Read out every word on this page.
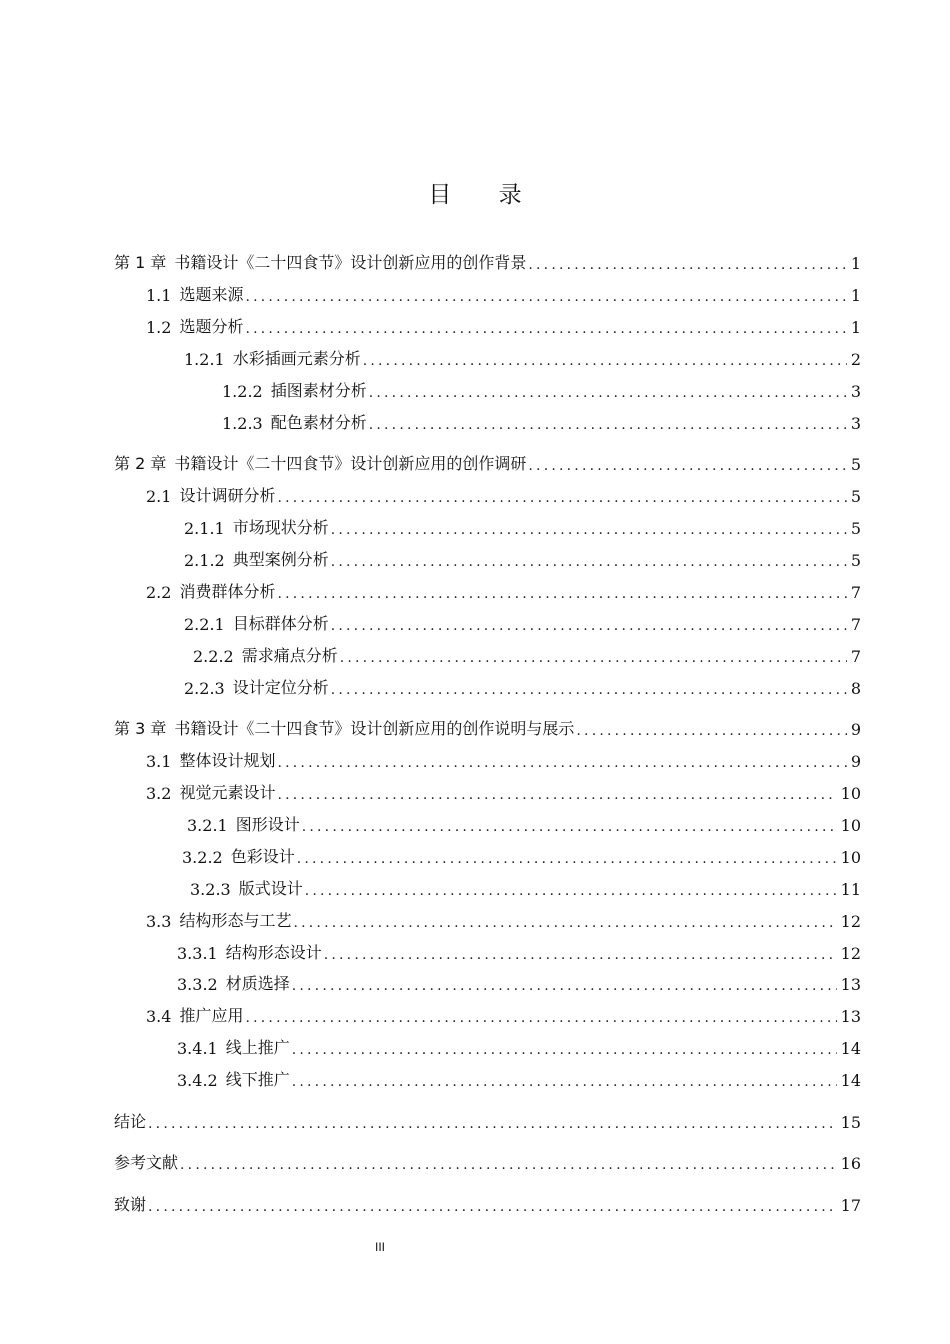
目 录
第 1 章 书籍设计《二十四食节》设计创新应用的创作背景 .....	1
1.1 选题来源 .....	1
1.2 选题分析 .....	1
1.2.1 水彩插画元素分析 .....	2
1.2.2 插图素材分析 .....	3
1.2.3 配色素材分析 .....	3
第 2 章 书籍设计《二十四食节》设计创新应用的创作调研 .....	5
2.1 设计调研分析 .....	5
2.1.1 市场现状分析 .....	5
2.1.2 典型案例分析 .....	5
2.2 消费群体分析 .....	7
2.2.1 目标群体分析 .....	7
2.2.2 需求痛点分析 .....	7
2.2.3 设计定位分析 .....	8
第 3 章 书籍设计《二十四食节》设计创新应用的创作说明与展示 .....	9
3.1 整体设计规划 .....	9
3.2 视觉元素设计 .....	10
3.2.1 图形设计 .....	10
3.2.2 色彩设计 .....	10
3.2.3 版式设计 .....	11
3.3 结构形态与工艺 .....	12
3.3.1 结构形态设计 .....	12
3.3.2 材质选择 .....	13
3.4 推广应用 .....	13
3.4.1 线上推广 .....	14
3.4.2 线下推广 .....	14
结论 .....	15
参考文献 .....	16
致谢 .....	17
III
